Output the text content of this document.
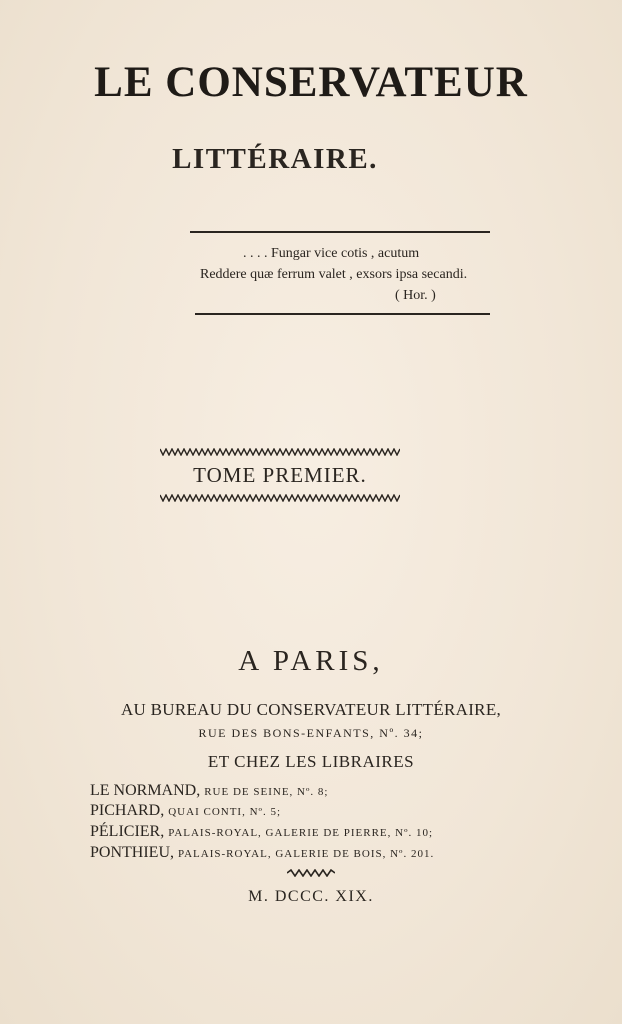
LE CONSERVATEUR
LITTÉRAIRE.
. . . . Fungar vice cotis , acutum
Reddere quæ ferrum valet , exsors ipsa secandi.
( Hor. )
TOME PREMIER.
A PARIS,
AU BUREAU DU CONSERVATEUR LITTÉRAIRE,
RUE DES BONS-ENFANTS, Nº. 34;
ET CHEZ LES LIBRAIRES
LE NORMAND, RUE DE SEINE, Nº. 8;
PICHARD, QUAI CONTI, Nº. 5;
PÉLICIER, PALAIS-ROYAL, GALERIE DE PIERRE, Nº. 10;
PONTHIEU, PALAIS-ROYAL, GALERIE DE BOIS, Nº. 201.
M. DCCC. XIX.
